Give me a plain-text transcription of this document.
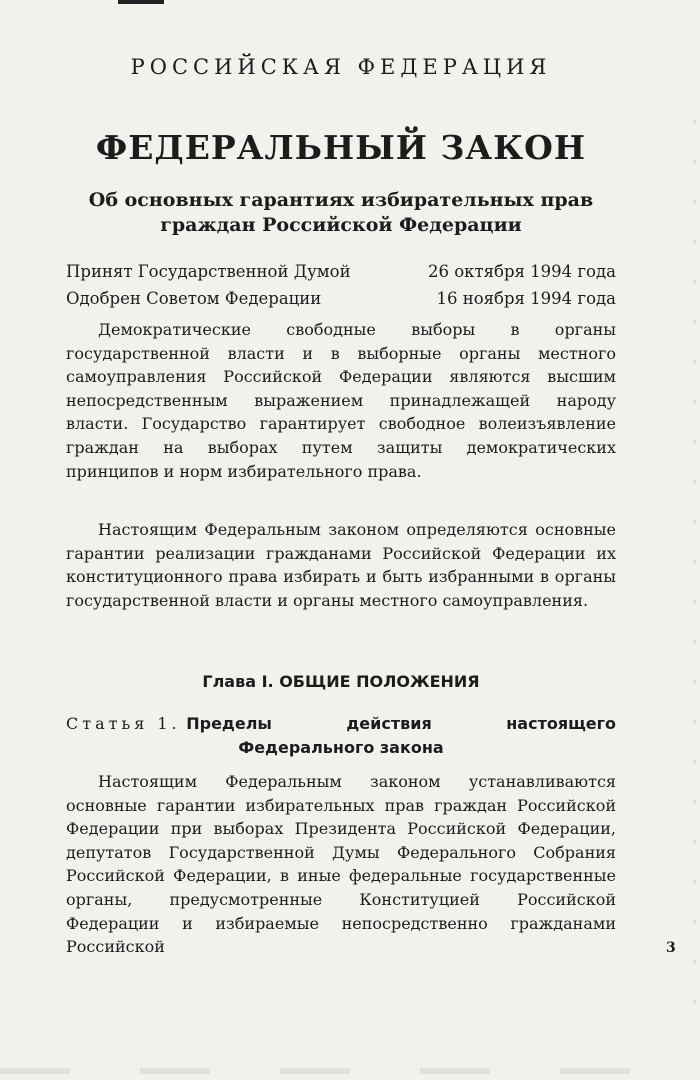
РОССИЙСКАЯ ФЕДЕРАЦИЯ
ФЕДЕРАЛЬНЫЙ ЗАКОН
Об основных гарантиях избирательных прав
граждан Российской Федерации
Принят Государственной Думой	26 октября 1994 года
Одобрен Советом Федерации	16 ноября 1994 года

Демократические свободные выборы в органы государственной власти и в выборные органы местного самоуправления Российской Федерации являются высшим непосредственным выражением принадлежащей народу власти. Государство гарантирует свободное волеизъявление граждан на выборах путем защиты демократических принципов и норм избирательного права.

Настоящим Федеральным законом определяются основные гарантии реализации гражданами Российской Федерации их конституционного права избирать и быть избранными в органы государственной власти и органы местного самоуправления.

Глава I. ОБЩИЕ ПОЛОЖЕНИЯ
Статья 1. Пределы	действия	настоящего
Федерального закона

Настоящим Федеральным законом устанавливаются основные гарантии избирательных прав граждан Российской Федерации при выборах Президента Российской Федерации, депутатов Государственной Думы Федерального Собрания Российской Федерации, в иные федеральные государственные органы, предусмотренные Конституцией Российской Федерации и избираемые непосредственно гражданами Российской	3
